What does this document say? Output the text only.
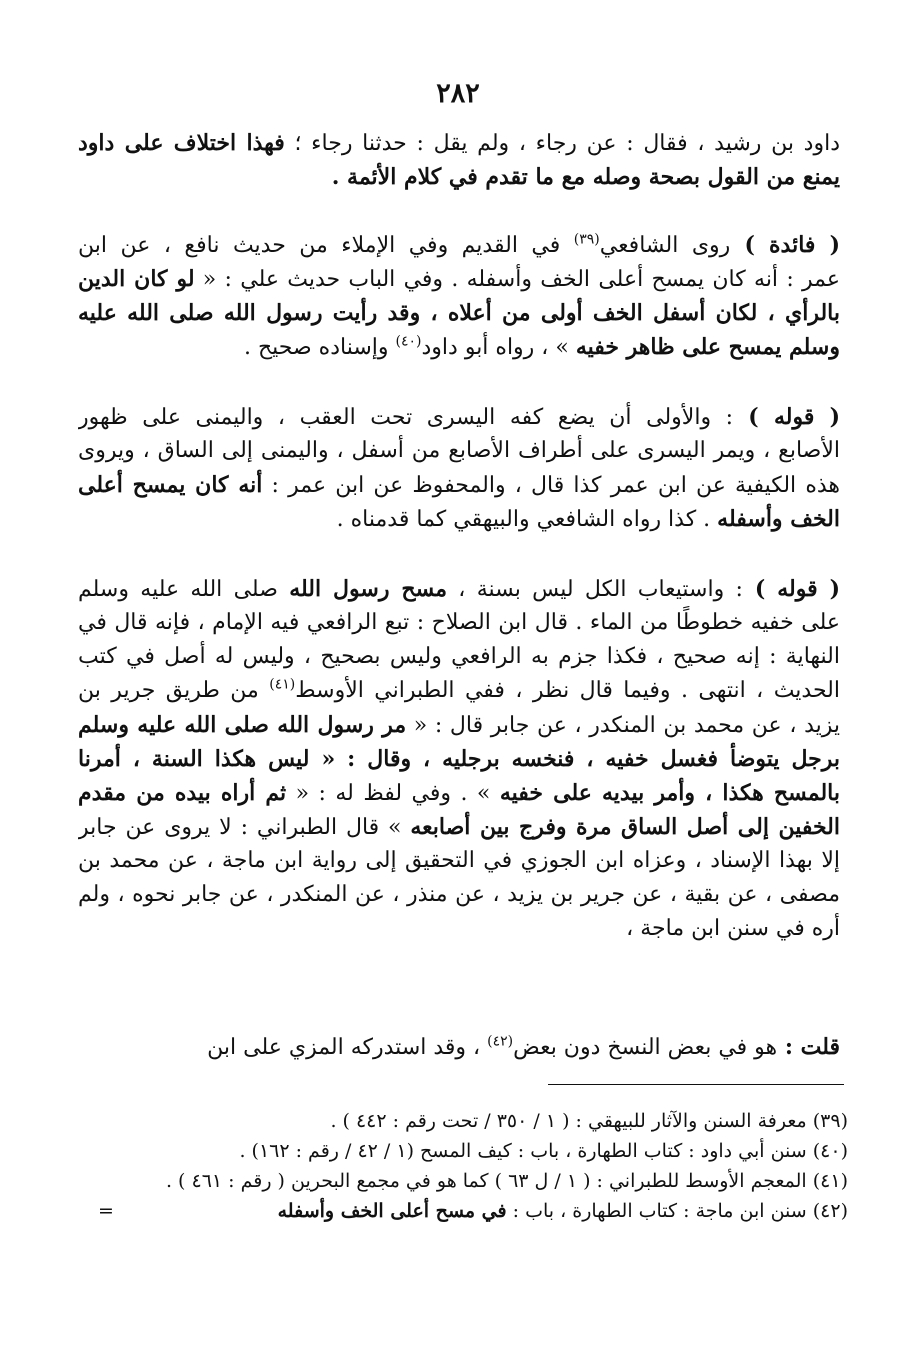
٢٨٢
داود بن رشيد ، فقال : عن رجاء ، ولم يقل : حدثنا رجاء ؛ فهذا اختلاف على داود
يمنع من القول بصحة وصله مع ما تقدم في كلام الأئمة .
( فائدة ) روى الشافعي$^{(٣٩)}$ في القديم وفي الإملاء من حديث نافع ، عن ابن
عمر : أنه كان يمسح أعلى الخف وأسفله . وفي الباب حديث علي : « لو كان الدين
بالرأي ، لكان أسفل الخف أولى من أعلاه ، وقد رأيت رسول الله صلى الله عليه
وسلم يمسح على ظاهر خفيه » ، رواه أبو داود$^{(٤٠)}$ وإسناده صحيح .
( قوله ) : والأولى أن يضع كفه اليسرى تحت العقب ، واليمنى على ظهور
الأصابع ، ويمر اليسرى على أطراف الأصابع من أسفل ، واليمنى إلى الساق ، ويروى
هذه الكيفية عن ابن عمر كذا قال ، والمحفوظ عن ابن عمر : أنه كان يمسح أعلى
الخف وأسفله . كذا رواه الشافعي والبيهقي كما قدمناه .
( قوله ) : واستيعاب الكل ليس بسنة ، مسح رسول الله صلى الله عليه وسلم
على خفيه خطوطًا من الماء . قال ابن الصلاح : تبع الرافعي فيه الإمام ، فإنه قال في
النهاية : إنه صحيح ، فكذا جزم به الرافعي وليس بصحيح ، وليس له أصل في كتب
الحديث ، انتهى . وفيما قال نظر ، ففي الطبراني الأوسط$^{(٤١)}$ من طريق جرير بن
يزيد ، عن محمد بن المنكدر ، عن جابر قال : « مر رسول الله صلى الله عليه وسلم
برجل يتوضأ فغسل خفيه ، فنخسه برجليه ، وقال : « ليس هكذا السنة ، أمرنا
بالمسح هكذا ، وأمر بيديه على خفيه » . وفي لفظ له : « ثم أراه بيده من مقدم
الخفين إلى أصل الساق مرة وفرج بين أصابعه » قال الطبراني : لا يروى عن جابر
إلا بهذا الإسناد ، وعزاه ابن الجوزي في التحقيق إلى رواية ابن ماجة ، عن محمد بن
مصفى ، عن بقية ، عن جرير بن يزيد ، عن منذر ، عن المنكدر ، عن جابر نحوه ، ولم
أره في سنن ابن ماجة ،
قلت : هو في بعض النسخ دون بعض$^{(٤٢)}$ ، وقد استدركه المزي على ابن
(٣٩) معرفة السنن والآثار للبيهقي : ( ١ / ٣٥٠ / تحت رقم : ٤٤٢ ) .
(٤٠) سنن أبي داود : كتاب الطهارة ، باب : كيف المسح (١ / ٤٢ / رقم : ١٦٢) .
(٤١) المعجم الأوسط للطبراني : ( ١ / ل ٦٣ ) كما هو في مجمع البحرين ( رقم : ٤٦١ ) .
(٤٢) سنن ابن ماجة : كتاب الطهارة ، باب : في مسح أعلى الخف وأسفله
=
